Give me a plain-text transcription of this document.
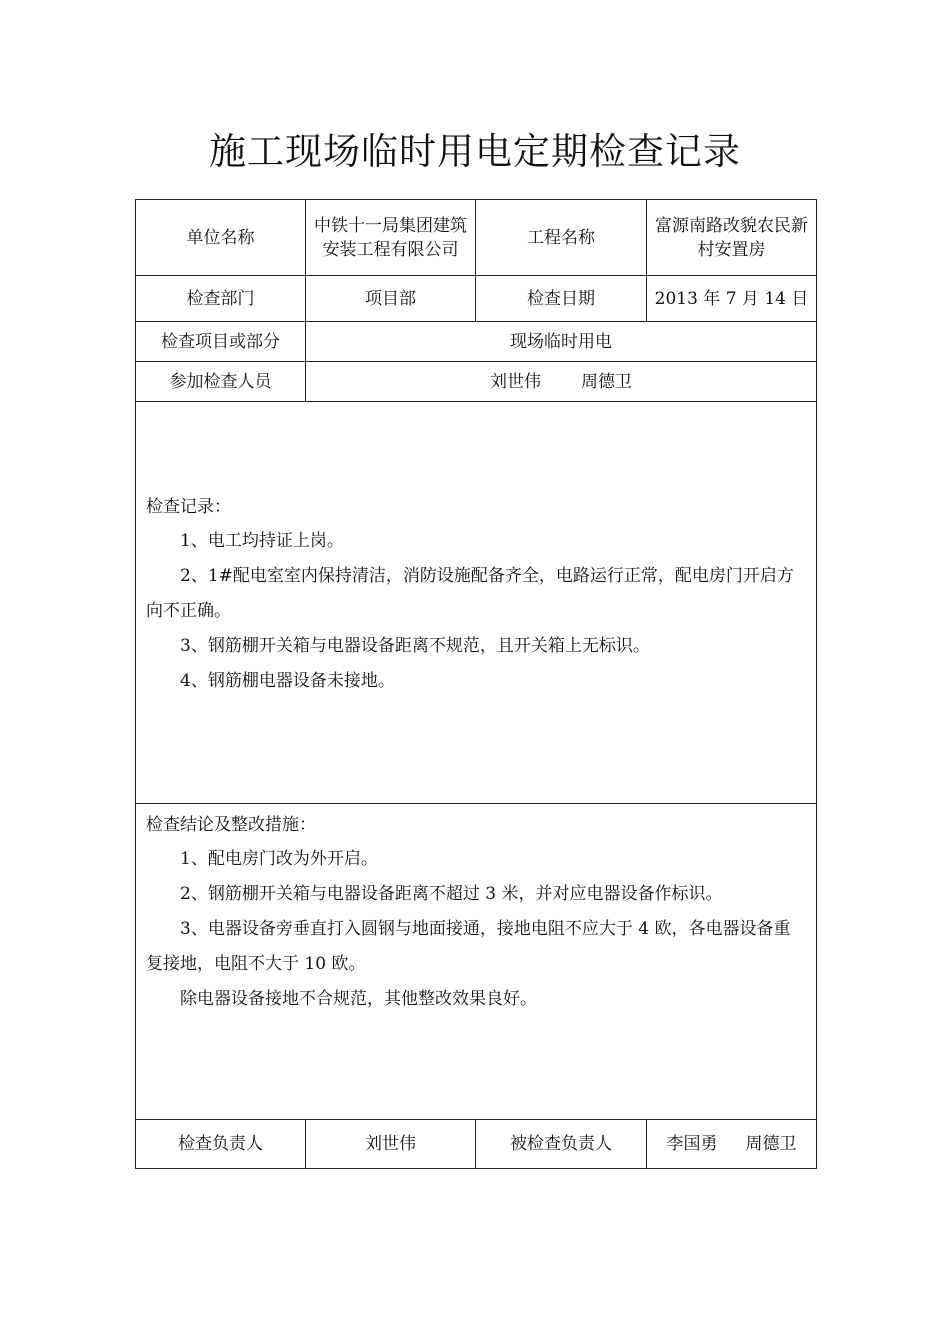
施工现场临时用电定期检查记录
单位名称	中铁十一局集团建筑安装工程有限公司	工程名称	富源南路改貌农民新村安置房

检查部门	项目部	检查日期	2013 年 7 月 14 日
检查项目或部分	现场临时用电		
参加检查人员	刘世伟 周德卫		

检查记录：
1、电工均持证上岗。
2、1#配电室室内保持清洁，消防设施配备齐全，电路运行正常，配电房门开启方向不正确。
3、钢筋棚开关箱与电器设备距离不规范，且开关箱上无标识。
4、钢筋棚电器设备未接地。			

检查结论及整改措施：
1、配电房门改为外开启。
2、钢筋棚开关箱与电器设备距离不超过 3 米，并对应电器设备作标识。
3、电器设备旁垂直打入圆钢与地面接通，接地电阻不应大于 4 欧，各电器设备重复接地，电阻不大于 10 欧。
除电器设备接地不合规范，其他整改效果良好。			

检查负责人	刘世伟	被检查负责人	李国勇 周德卫
